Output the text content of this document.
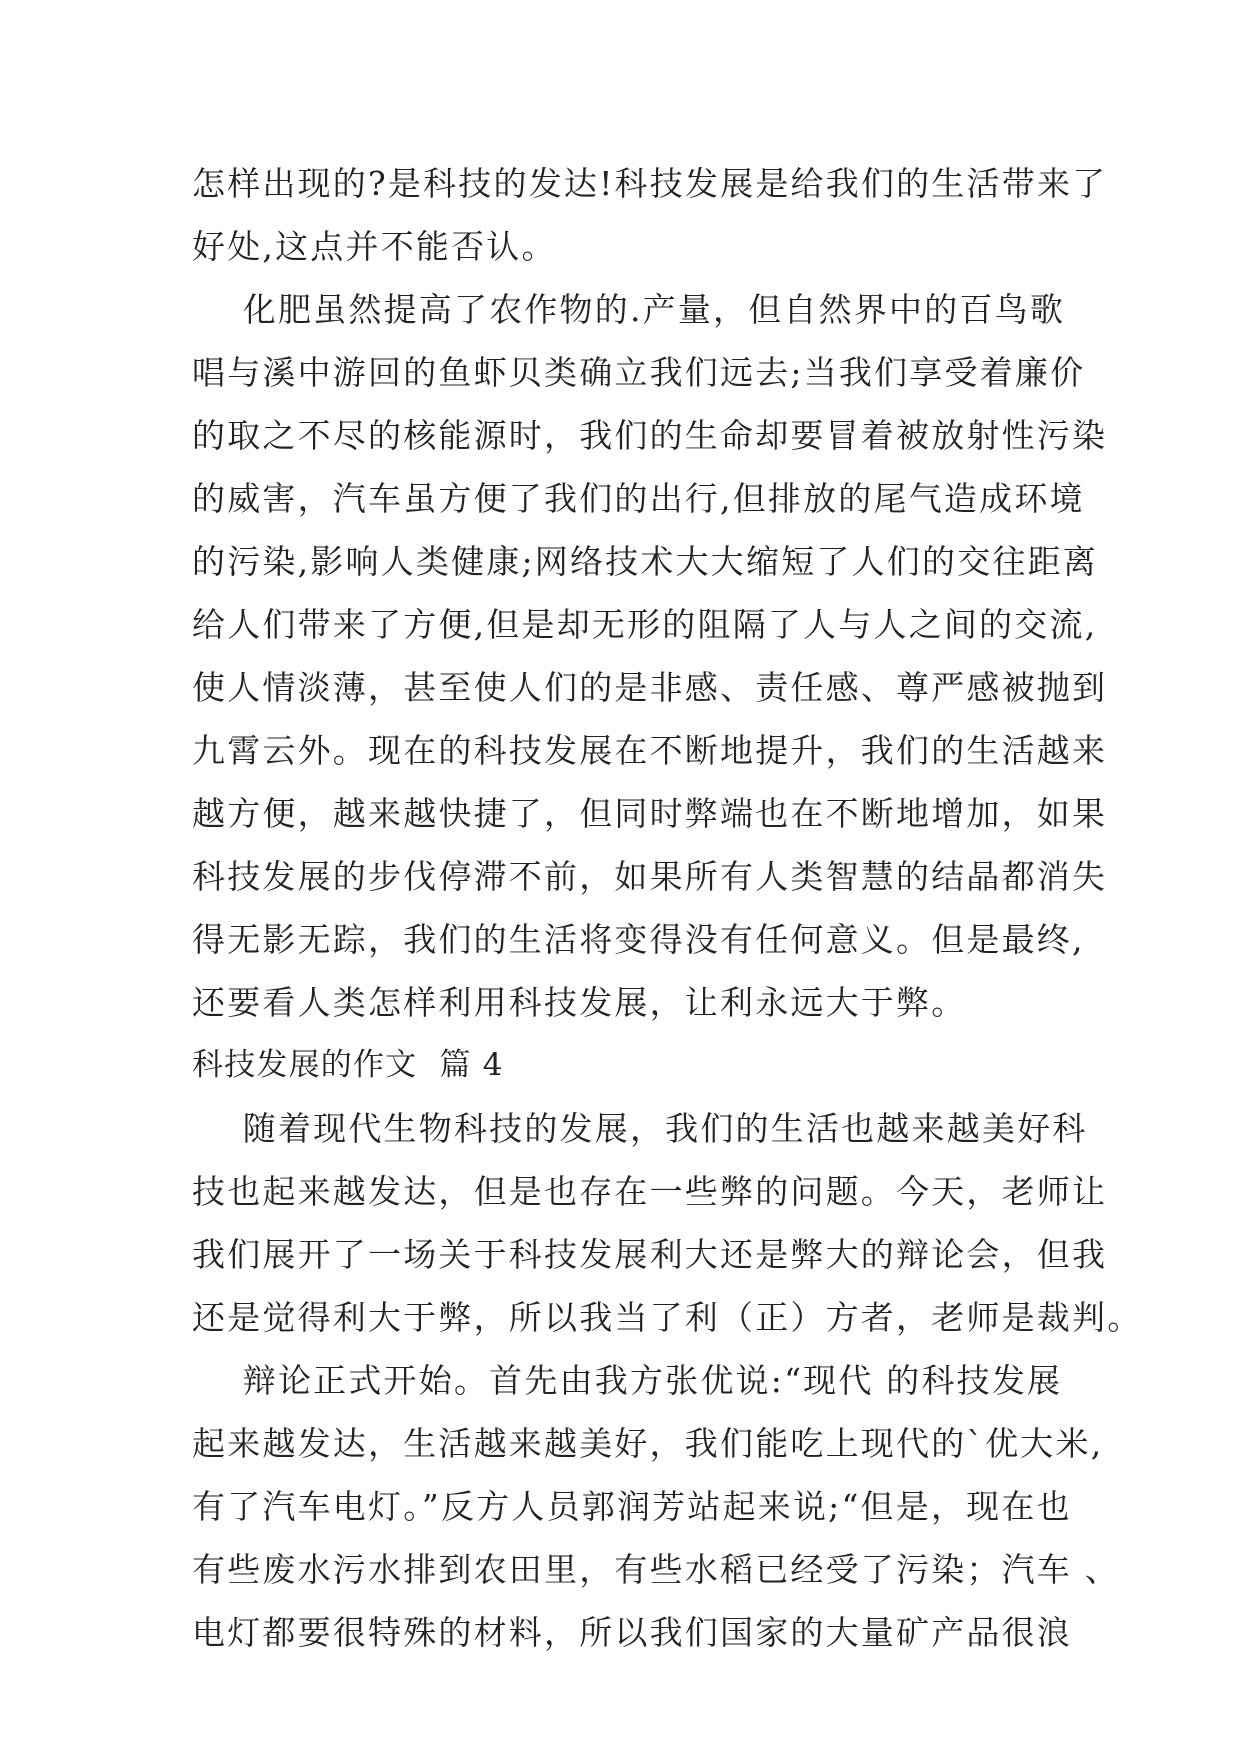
怎样出现的?是科技的发达!科技发展是给我们的生活带来了
好处,这点并不能否认。
化肥虽然提高了农作物的.产量，但自然界中的百鸟歌
唱与溪中游回的鱼虾贝类确立我们远去;当我们享受着廉价
的取之不尽的核能源时，我们的生命却要冒着被放射性污染
的威害，汽车虽方便了我们的出行,但排放的尾气造成环境
的污染,影响人类健康;网络技术大大缩短了人们的交往距离
给人们带来了方便,但是却无形的阻隔了人与人之间的交流,
使人情淡薄，甚至使人们的是非感、责任感、尊严感被抛到
九霄云外。现在的科技发展在不断地提升，我们的生活越来
越方便，越来越快捷了，但同时弊端也在不断地增加，如果
科技发展的步伐停滞不前，如果所有人类智慧的结晶都消失
得无影无踪，我们的生活将变得没有任何意义。但是最终,
还要看人类怎样利用科技发展，让利永远大于弊。
科技发展的作文  篇 4
随着现代生物科技的发展，我们的生活也越来越美好科
技也起来越发达，但是也存在一些弊的问题。今天，老师让
我们展开了一场关于科技发展利大还是弊大的辩论会，但我
还是觉得利大于弊，所以我当了利（正）方者，老师是裁判。
辩论正式开始。首先由我方张优说:“现代 的科技发展
起来越发达，生活越来越美好，我们能吃上现代的`优大米,
有了汽车电灯。”反方人员郭润芳站起来说;“但是，现在也
有些废水污水排到农田里，有些水稻已经受了污染；汽车 、
电灯都要很特殊的材料，所以我们国家的大量矿产品很浪
